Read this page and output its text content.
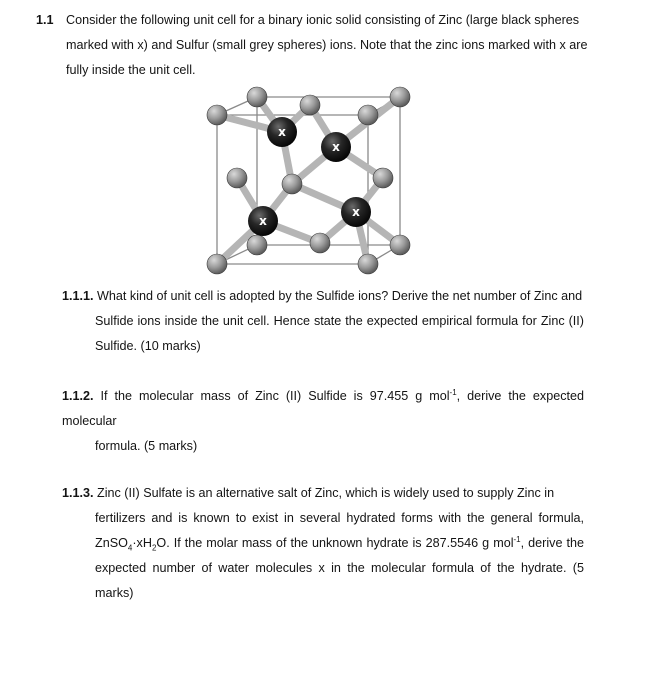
1.1 Consider the following unit cell for a binary ionic solid consisting of Zinc (large black spheres marked with x) and Sulfur (small grey spheres) ions. Note that the zinc ions marked with x are fully inside the unit cell.
x
x
x
x
1.1.1. What kind of unit cell is adopted by the Sulfide ions? Derive the net number of Zinc and
Sulfide ions inside the unit cell. Hence state the expected empirical formula for Zinc (II) Sulfide. (10 marks)
1.1.2. If the molecular mass of Zinc (II) Sulfide is 97.455 g mol$^{-1}$, derive the expected molecular
formula. (5 marks)
1.1.3. Zinc (II) Sulfate is an alternative salt of Zinc, which is widely used to supply Zinc in
fertilizers and is known to exist in several hydrated forms with the general formula, $ZnSO_4\cdot xH_2O$. If the molar mass of the unknown hydrate is 287.5546 g mol$^{-1}$, derive the expected number of water molecules x in the molecular formula of the hydrate. (5 marks)
